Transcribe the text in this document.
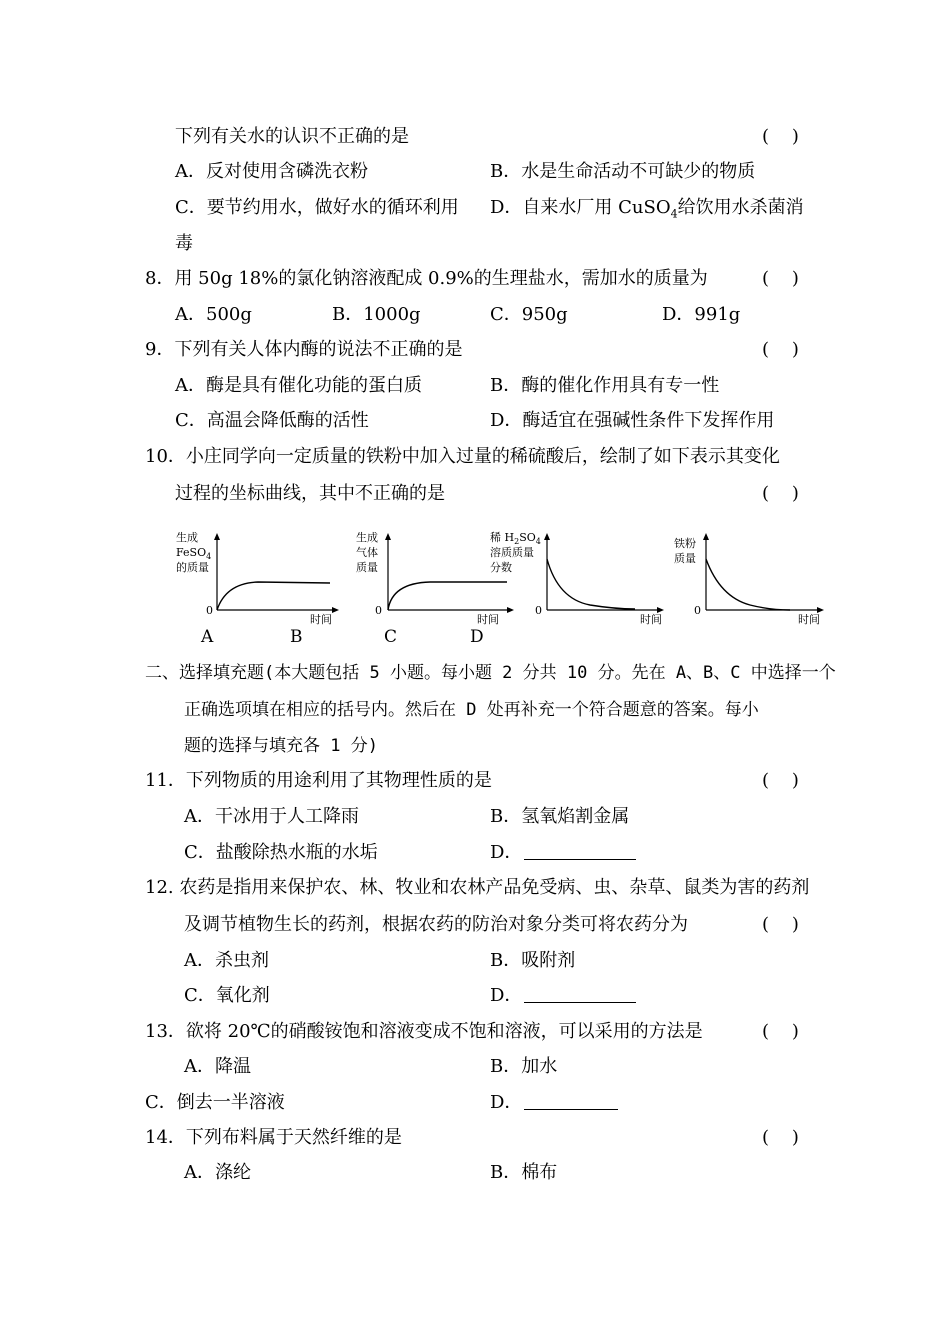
下列有关水的认识不正确的是	(    )
A．反对使用含磷洗衣粉	B．水是生命活动不可缺少的物质
C．要节约用水，做好水的循环利用 D．自来水厂用 CuSO$_4$给饮用水杀菌消
毒
8．用 50g 18%的氯化钠溶液配成 0.9%的生理盐水，需加水的质量为	(    )
A．500g	B．1000g	C．950g	D．991g
9．下列有关人体内酶的说法不正确的是	(    )
A．酶是具有催化功能的蛋白质	B．酶的催化作用具有专一性
C．高温会降低酶的活性	D．酶适宜在强碱性条件下发挥作用
10．小庄同学向一定质量的铁粉中加入过量的稀硫酸后，绘制了如下表示其变化
过程的坐标曲线，其中不正确的是	(    )
生成
FeSO$_4$
的质量
0
时间
生成
气体
质量
0
时间
稀 $H_2SO_4$
溶质质量
分数
0
时间
铁粉
质量
0
时间
A	B	C	D
二、选择填充题(本大题包括 5 小题。每小题 2 分共 10 分。先在 A、B、C 中选择一个
正确选项填在相应的括号内。然后在 D 处再补充一个符合题意的答案。每小
题的选择与填充各 1 分)
11．下列物质的用途利用了其物理性质的是	(    )
A．干冰用于人工降雨	B．氢氧焰割金属
C．盐酸除热水瓶的水垢	D．
12. 农药是指用来保护农、林、牧业和农林产品免受病、虫、杂草、鼠类为害的药剂
及调节植物生长的药剂，根据农药的防治对象分类可将农药分为	(    )
A．杀虫剂	B．吸附剂
C．氧化剂	D．
13．欲将 20℃的硝酸铵饱和溶液变成不饱和溶液，可以采用的方法是	(    )
A．降温	B．加水
C．倒去一半溶液	D．
14．下列布料属于天然纤维的是	(    )
A．涤纶	B．棉布
